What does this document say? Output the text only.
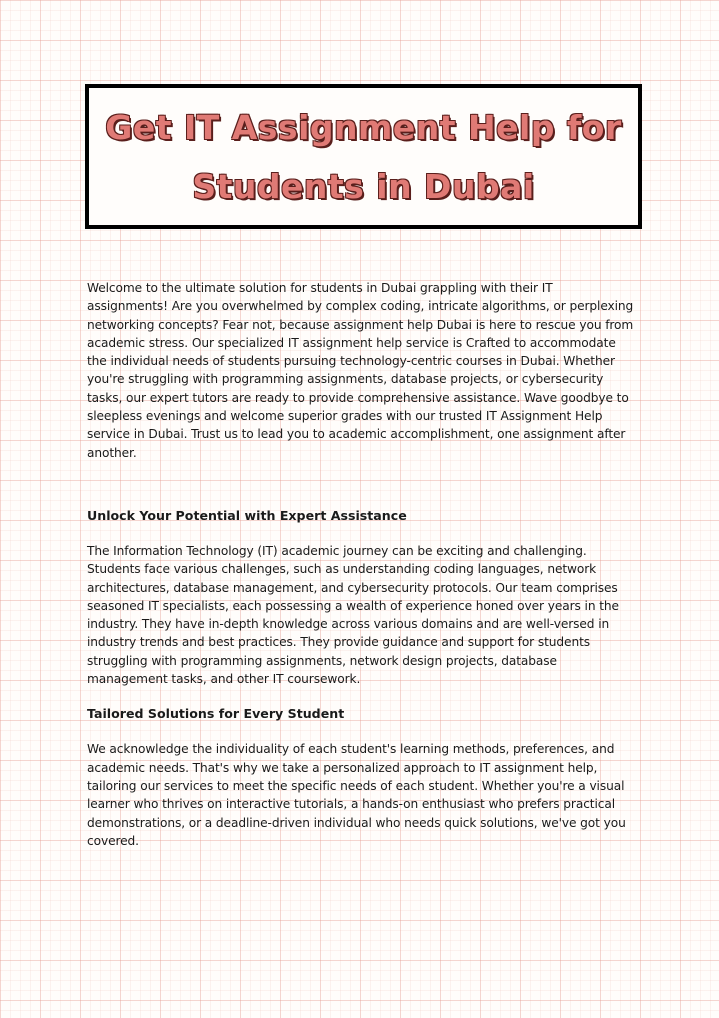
Get IT Assignment Help for
Students in Dubai

Welcome to the ultimate solution for students in Dubai grappling with their IT assignments! Are you overwhelmed by complex coding, intricate algorithms, or perplexing networking concepts? Fear not, because assignment help Dubai is here to rescue you from academic stress. Our specialized IT assignment help service is Crafted to accommodate the individual needs of students pursuing technology-centric courses in Dubai. Whether you're struggling with programming assignments, database projects, or cybersecurity tasks, our expert tutors are ready to provide comprehensive assistance. Wave goodbye to sleepless evenings and welcome superior grades with our trusted IT Assignment Help service in Dubai. Trust us to lead you to academic accomplishment, one assignment after another.

Unlock Your Potential with Expert Assistance

The Information Technology (IT) academic journey can be exciting and challenging. Students face various challenges, such as understanding coding languages, network architectures, database management, and cybersecurity protocols. Our team comprises seasoned IT specialists, each possessing a wealth of experience honed over years in the industry. They have in-depth knowledge across various domains and are well-versed in industry trends and best practices. They provide guidance and support for students struggling with programming assignments, network design projects, database management tasks, and other IT coursework.

Tailored Solutions for Every Student

We acknowledge the individuality of each student's learning methods, preferences, and academic needs. That's why we take a personalized approach to IT assignment help, tailoring our services to meet the specific needs of each student. Whether you're a visual learner who thrives on interactive tutorials, a hands-on enthusiast who prefers practical demonstrations, or a deadline-driven individual who needs quick solutions, we've got you covered.
